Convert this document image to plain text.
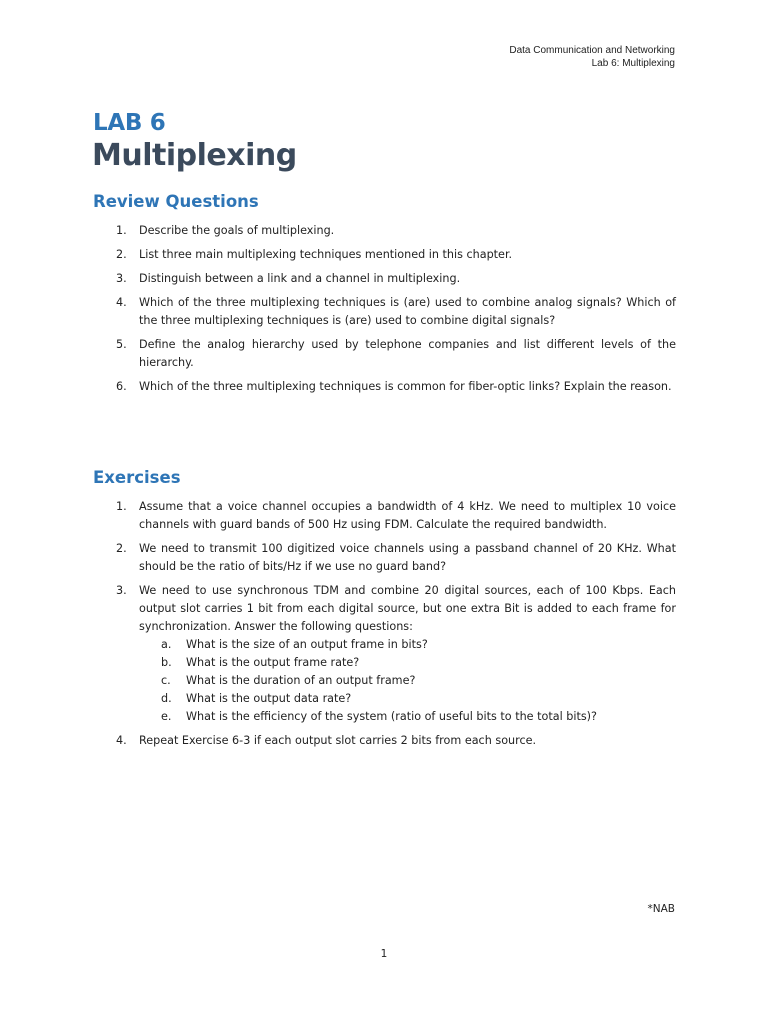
Data Communication and Networking
Lab 6: Multiplexing
LAB 6
Multiplexing
Review Questions
1. Describe the goals of multiplexing.
2. List three main multiplexing techniques mentioned in this chapter.
3. Distinguish between a link and a channel in multiplexing.
4. Which of the three multiplexing techniques is (are) used to combine analog signals? Which of the three multiplexing techniques is (are) used to combine digital signals?
5. Define the analog hierarchy used by telephone companies and list different levels of the hierarchy.
6. Which of the three multiplexing techniques is common for fiber-optic links? Explain the reason.
Exercises
1. Assume that a voice channel occupies a bandwidth of 4 kHz. We need to multiplex 10 voice channels with guard bands of 500 Hz using FDM. Calculate the required bandwidth.
2. We need to transmit 100 digitized voice channels using a passband channel of 20 KHz. What should be the ratio of bits/Hz if we use no guard band?
3. We need to use synchronous TDM and combine 20 digital sources, each of 100 Kbps. Each output slot carries 1 bit from each digital source, but one extra Bit is added to each frame for synchronization. Answer the following questions:
a. What is the size of an output frame in bits?
b. What is the output frame rate?
c. What is the duration of an output frame?
d. What is the output data rate?
e. What is the efficiency of the system (ratio of useful bits to the total bits)?
4. Repeat Exercise 6-3 if each output slot carries 2 bits from each source.
*NAB
1
